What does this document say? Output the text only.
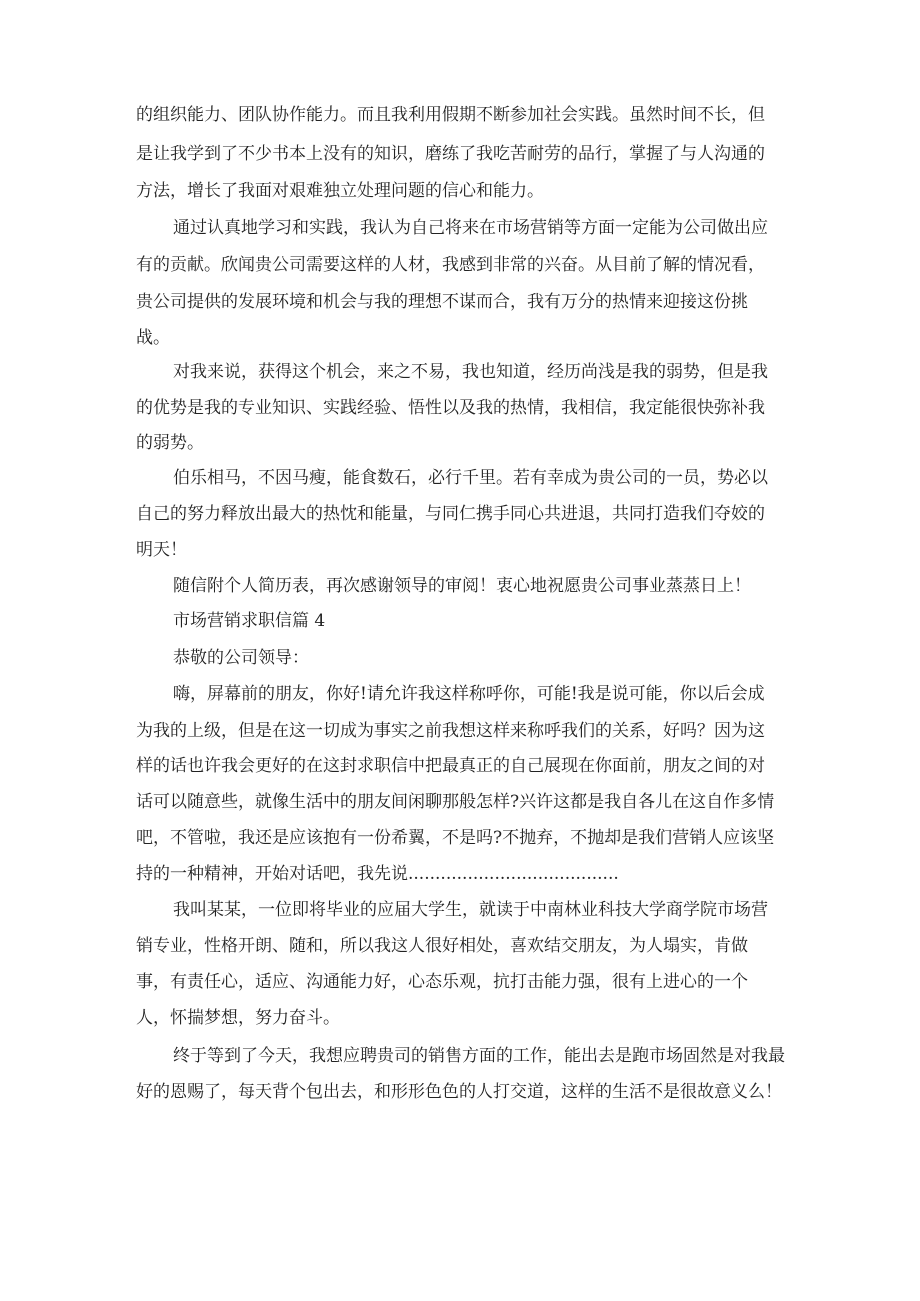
的组织能力、团队协作能力。而且我利用假期不断参加社会实践。虽然时间不长，但

是让我学到了不少书本上没有的知识，磨练了我吃苦耐劳的品行，掌握了与人沟通的

方法，增长了我面对艰难独立处理问题的信心和能力。

通过认真地学习和实践，我认为自己将来在市场营销等方面一定能为公司做出应

有的贡献。欣闻贵公司需要这样的人材，我感到非常的兴奋。从目前了解的情况看，

贵公司提供的发展环境和机会与我的理想不谋而合，我有万分的热情来迎接这份挑

战。

对我来说，获得这个机会，来之不易，我也知道，经历尚浅是我的弱势，但是我

的优势是我的专业知识、实践经验、悟性以及我的热情，我相信，我定能很快弥补我

的弱势。

伯乐相马，不因马瘦，能食数石，必行千里。若有幸成为贵公司的一员，势必以

自己的努力释放出最大的热忱和能量，与同仁携手同心共进退，共同打造我们夺姣的

明天！

随信附个人简历表，再次感谢领导的审阅！衷心地祝愿贵公司事业蒸蒸日上！

市场营销求职信篇 4

恭敬的公司领导：

嗨，屏幕前的朋友，你好!请允许我这样称呼你，可能!我是说可能，你以后会成

为我的上级，但是在这一切成为事实之前我想这样来称呼我们的关系，好吗？因为这

样的话也许我会更好的在这封求职信中把最真正的自己展现在你面前，朋友之间的对

话可以随意些，就像生活中的朋友间闲聊那般怎样?兴许这都是我自各儿在这自作多情

吧，不管啦，我还是应该抱有一份希翼，不是吗?不抛弃，不抛却是我们营销人应该坚

持的一种精神，开始对话吧，我先说.......................................

我叫某某，一位即将毕业的应届大学生，就读于中南林业科技大学商学院市场营

销专业，性格开朗、随和，所以我这人很好相处，喜欢结交朋友，为人塌实，肯做

事，有责任心，适应、沟通能力好，心态乐观，抗打击能力强，很有上进心的一个

人，怀揣梦想，努力奋斗。

终于等到了今天，我想应聘贵司的销售方面的工作，能出去是跑市场固然是对我最

好的恩赐了，每天背个包出去，和形形色色的人打交道，这样的生活不是很故意义么！
